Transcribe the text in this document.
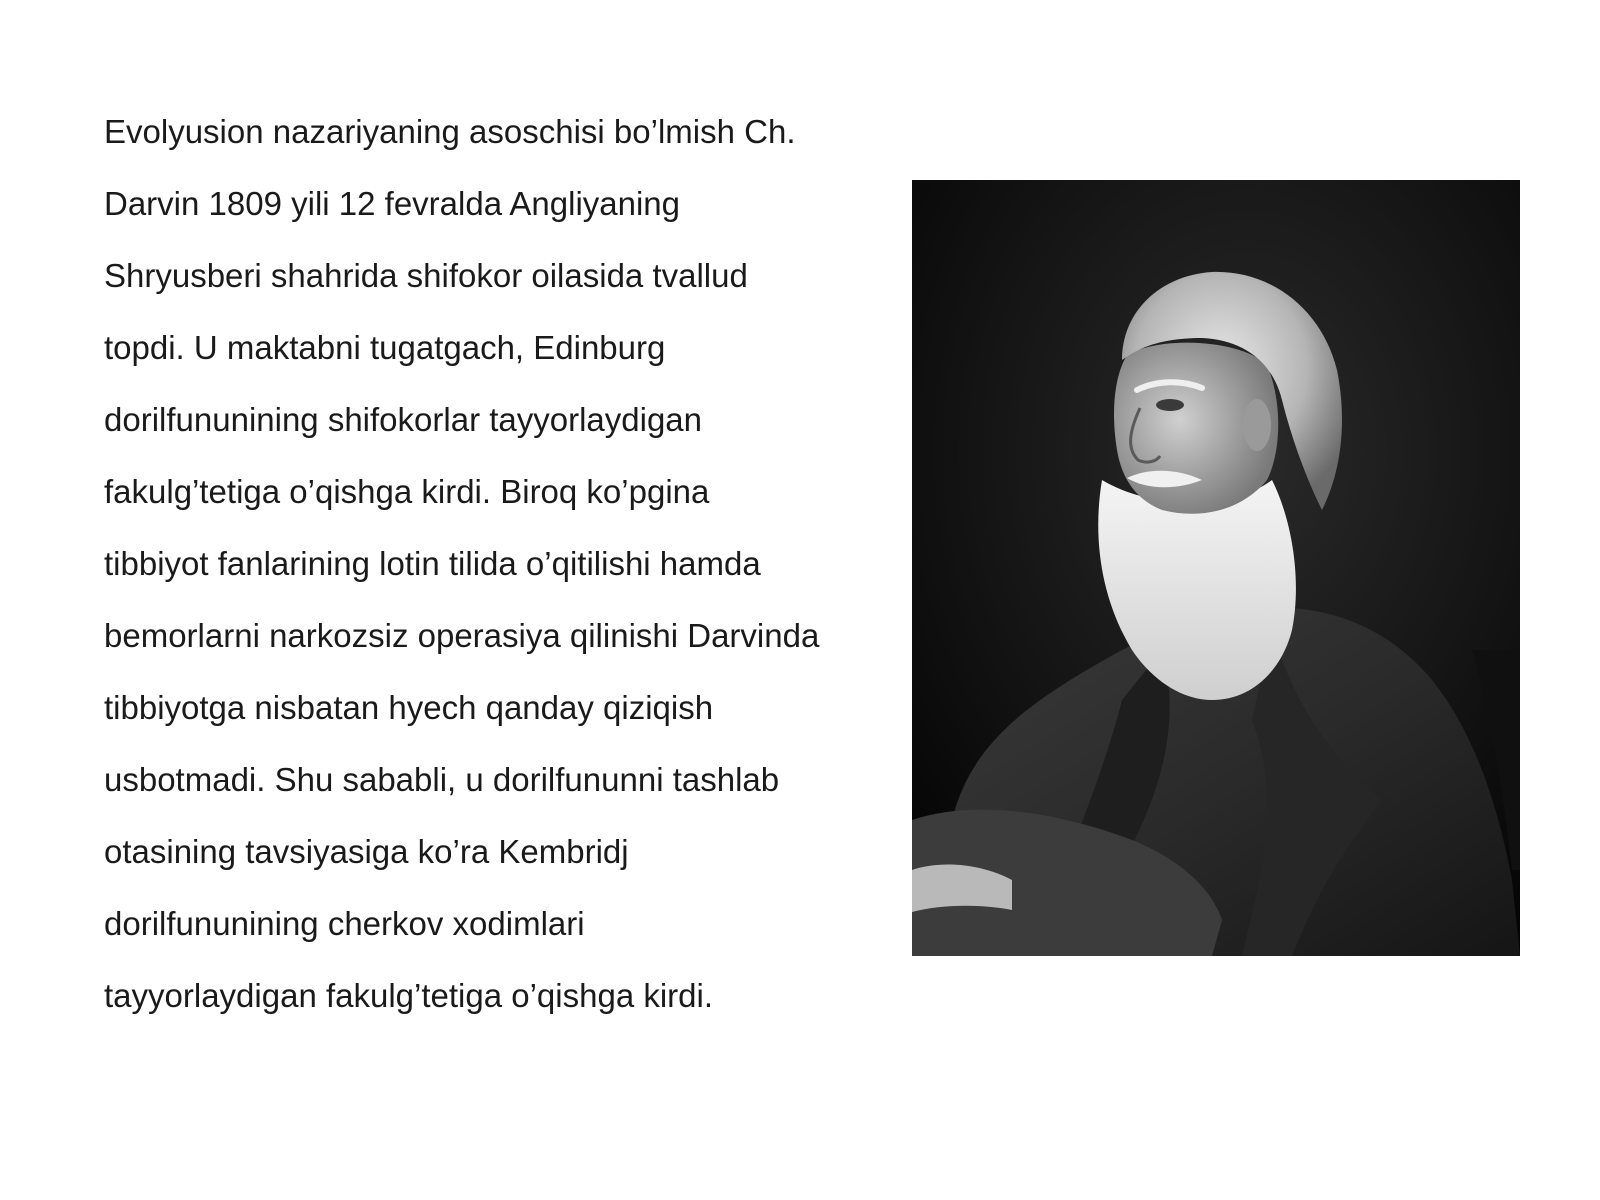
Evolyusion nazariyaning asoschisi bo’lmish Ch.
Darvin 1809 yili 12 fevralda Angliyaning
Shryusberi shahrida shifokor oilasida tvallud
topdi. U maktabni tugatgach, Edinburg
dorilfununining shifokorlar tayyorlaydigan
fakulg’tetiga o’qishga kirdi. Biroq ko’pgina
tibbiyot fanlarining lotin tilida o’qitilishi hamda
bemorlarni narkozsiz operasiya qilinishi Darvinda
tibbiyotga nisbatan hyech qanday qiziqish
usbotmadi. Shu sababli, u dorilfununni tashlab
otasining tavsiyasiga ko’ra Kembridj
dorilfununining cherkov xodimlari
tayyorlaydigan fakulg’tetiga o’qishga kirdi.
